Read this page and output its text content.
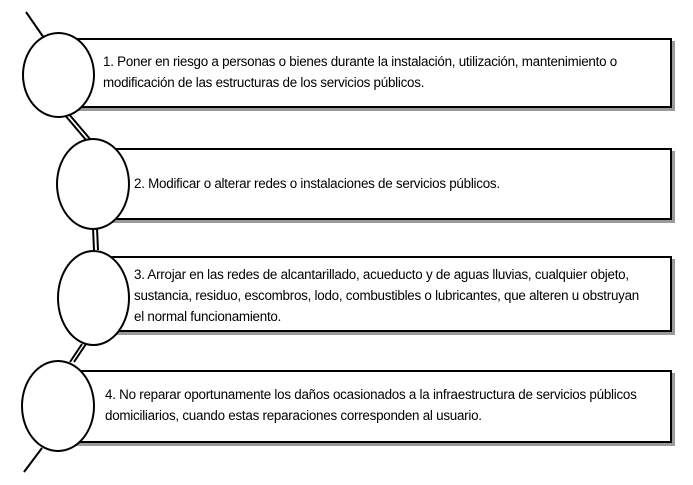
1. Poner en riesgo a personas o bienes durante la instalación, utilización, mantenimiento o
modificación de las estructuras de los servicios públicos.
2. Modificar o alterar redes o instalaciones de servicios públicos.
3. Arrojar en las redes de alcantarillado, acueducto y de aguas lluvias, cualquier objeto,
sustancia, residuo, escombros, lodo, combustibles o lubricantes, que alteren u obstruyan
el normal funcionamiento.
4. No reparar oportunamente los daños ocasionados a la infraestructura de servicios públicos
domiciliarios, cuando estas reparaciones corresponden al usuario.
